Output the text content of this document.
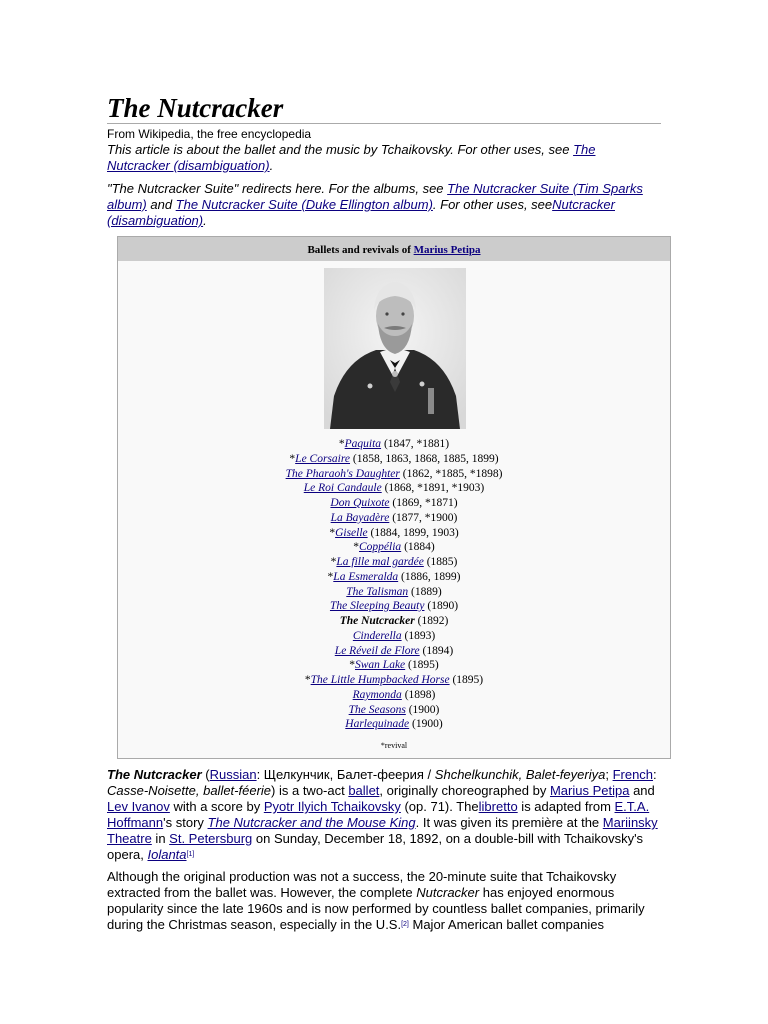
The Nutcracker
From Wikipedia, the free encyclopedia
This article is about the ballet and the music by Tchaikovsky. For other uses, see The Nutcracker (disambiguation).
"The Nutcracker Suite" redirects here. For the albums, see The Nutcracker Suite (Tim Sparks album) and The Nutcracker Suite (Duke Ellington album). For other uses, seeNutcracker (disambiguation).
Ballets and revivals of Marius Petipa
*Paquita (1847, *1881)
*Le Corsaire (1858, 1863, 1868, 1885, 1899)
The Pharaoh's Daughter (1862, *1885, *1898)
Le Roi Candaule (1868, *1891, *1903)
Don Quixote (1869, *1871)
La Bayadère (1877, *1900)
*Giselle (1884, 1899, 1903)
*Coppélia (1884)
*La fille mal gardée (1885)
*La Esmeralda (1886, 1899)
The Talisman (1889)
The Sleeping Beauty (1890)
The Nutcracker (1892)
Cinderella (1893)
Le Réveil de Flore (1894)
*Swan Lake (1895)
*The Little Humpbacked Horse (1895)
Raymonda (1898)
The Seasons (1900)
Harlequinade (1900)
*revival
The Nutcracker (Russian: Щелкунчик, Балет-феерия / Shchelkunchik, Balet-feyeriya; French: Casse-Noisette, ballet-féerie) is a two-act ballet, originally choreographed by Marius Petipa and Lev Ivanov with a score by Pyotr Ilyich Tchaikovsky (op. 71). Thelibretto is adapted from E.T.A. Hoffmann's story The Nutcracker and the Mouse King. It was given its première at the Mariinsky Theatre in St. Petersburg on Sunday, December 18, 1892, on a double-bill with Tchaikovsky's opera, Iolanta[1]
Although the original production was not a success, the 20-minute suite that Tchaikovsky extracted from the ballet was. However, the complete Nutcracker has enjoyed enormous popularity since the late 1960s and is now performed by countless ballet companies, primarily during the Christmas season, especially in the U.S.[2] Major American ballet companies
